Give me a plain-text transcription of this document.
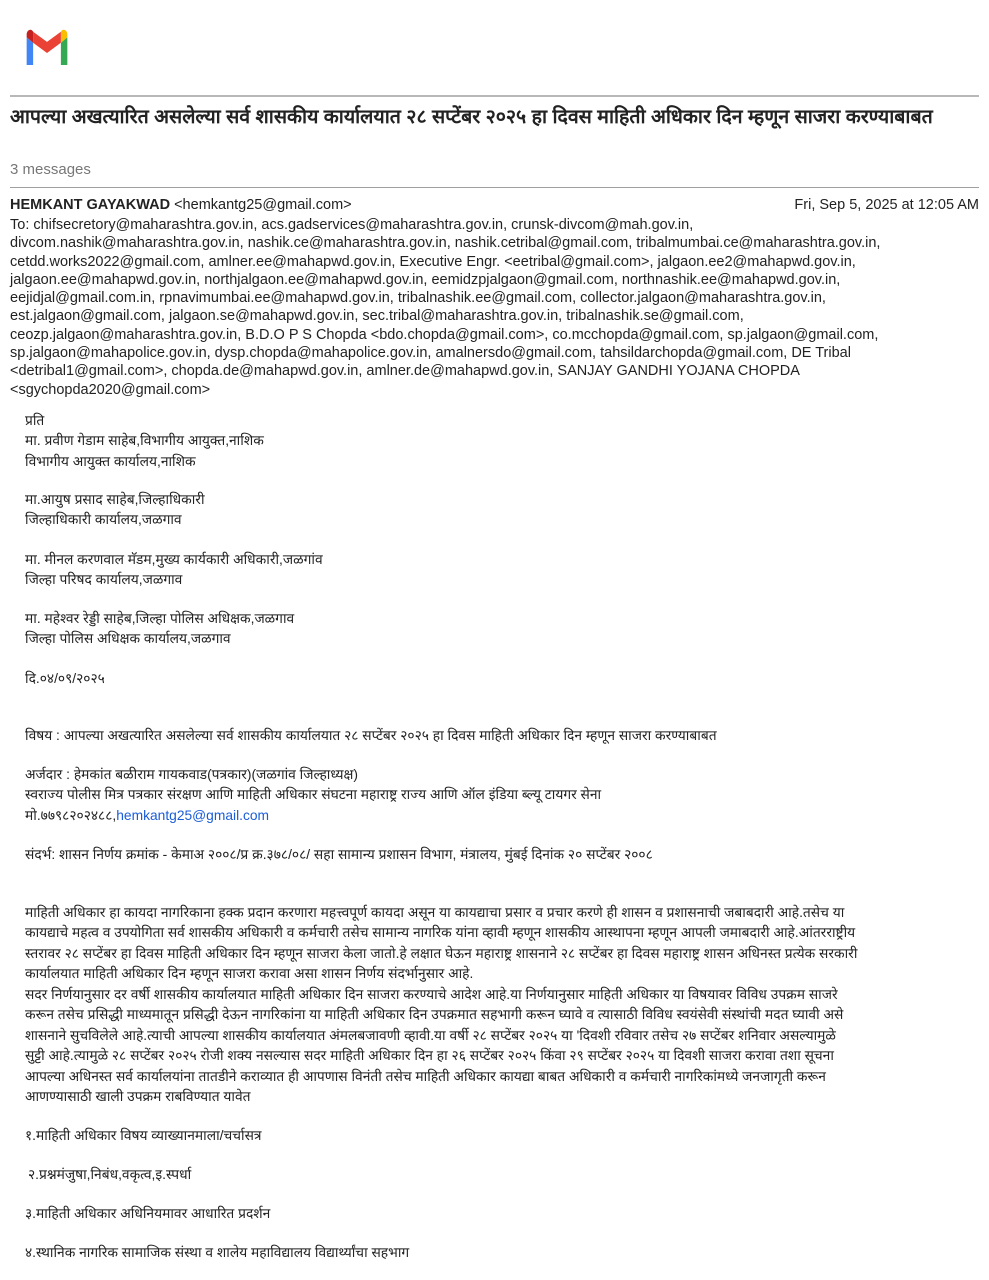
आपल्या अखत्यारित असलेल्या सर्व शासकीय कार्यालयात २८ सप्टेंबर २०२५ हा दिवस माहिती अधिकार दिन म्हणून साजरा करण्याबाबत
3 messages
HEMKANT GAYAKWAD <hemkantg25@gmail.com>	Fri, Sep 5, 2025 at 12:05 AM
To: chifsecretory@maharashtra.gov.in, acs.gadservices@maharashtra.gov.in, crunsk-divcom@mah.gov.in,
divcom.nashik@maharashtra.gov.in, nashik.ce@maharashtra.gov.in, nashik.cetribal@gmail.com, tribalmumbai.ce@maharashtra.gov.in,
cetdd.works2022@gmail.com, amlner.ee@mahapwd.gov.in, Executive Engr. <eetribal@gmail.com>, jalgaon.ee2@mahapwd.gov.in,
jalgaon.ee@mahapwd.gov.in, northjalgaon.ee@mahapwd.gov.in, eemidzpjalgaon@gmail.com, northnashik.ee@mahapwd.gov.in,
eejidjal@gmail.com.in, rpnavimumbai.ee@mahapwd.gov.in, tribalnashik.ee@gmail.com, collector.jalgaon@maharashtra.gov.in,
est.jalgaon@gmail.com, jalgaon.se@mahapwd.gov.in, sec.tribal@maharashtra.gov.in, tribalnashik.se@gmail.com,
ceozp.jalgaon@maharashtra.gov.in, B.D.O P S Chopda <bdo.chopda@gmail.com>, co.mcchopda@gmail.com, sp.jalgaon@gmail.com,
sp.jalgaon@mahapolice.gov.in, dysp.chopda@mahapolice.gov.in, amalnersdo@gmail.com, tahsildarchopda@gmail.com, DE Tribal
<detribal1@gmail.com>, chopda.de@mahapwd.gov.in, amlner.de@mahapwd.gov.in, SANJAY GANDHI YOJANA CHOPDA
<sgychopda2020@gmail.com>
प्रति
मा. प्रवीण गेडाम साहेब,विभागीय आयुक्त,नाशिक
विभागीय आयुक्त कार्यालय,नाशिक
मा.आयुष प्रसाद साहेब,जिल्हाधिकारी
जिल्हाधिकारी कार्यालय,जळगाव
मा. मीनल करणवाल मॅडम,मुख्य कार्यकारी अधिकारी,जळगांव
जिल्हा परिषद कार्यालय,जळगाव
मा. महेश्वर रेड्डी साहेब,जिल्हा पोलिस अधिक्षक,जळगाव
जिल्हा पोलिस अधिक्षक कार्यालय,जळगाव
दि.०४/०९/२०२५
विषय : आपल्या अखत्यारित असलेल्या सर्व शासकीय कार्यालयात २८ सप्टेंबर २०२५ हा दिवस माहिती अधिकार दिन म्हणून साजरा करण्याबाबत
अर्जदार : हेमकांत बळीराम गायकवाड(पत्रकार)(जळगांव जिल्हाध्यक्ष)
स्वराज्य पोलीस मित्र पत्रकार संरक्षण आणि माहिती अधिकार संघटना महाराष्ट्र राज्य आणि ऑल इंडिया ब्ल्यू टायगर सेना
मो.७७९८२०२४८८,hemkantg25@gmail.com
संदर्भ: शासन निर्णय क्रमांक - केमाअ २००८/प्र क्र.३७८/०८/ सहा सामान्य प्रशासन विभाग, मंत्रालय, मुंबई दिनांक २० सप्टेंबर २००८
माहिती अधिकार हा कायदा नागरिकाना हक्क प्रदान करणारा महत्त्वपूर्ण कायदा असून या कायद्याचा प्रसार व प्रचार करणे ही शासन व प्रशासनाची जबाबदारी आहे.तसेच या
कायद्याचे महत्व व उपयोगिता सर्व शासकीय अधिकारी व कर्मचारी तसेच सामान्य नागरिक यांना व्हावी म्हणून शासकीय आस्थापना म्हणून आपली जमाबदारी आहे.आंतरराष्ट्रीय
स्तरावर २८ सप्टेंबर हा दिवस माहिती अधिकार दिन म्हणून साजरा केला जातो.हे लक्षात घेऊन महाराष्ट्र शासनाने २८ सप्टेंबर हा दिवस महाराष्ट्र शासन अधिनस्त प्रत्येक सरकारी
कार्यालयात माहिती अधिकार दिन म्हणून साजरा करावा असा शासन निर्णय संदर्भानुसार आहे.
सदर निर्णयानुसार दर वर्षी शासकीय कार्यालयात माहिती अधिकार दिन साजरा करण्याचे आदेश आहे.या निर्णयानुसार माहिती अधिकार या विषयावर विविध उपक्रम साजरे
करून तसेच प्रसिद्धी माध्यमातून प्रसिद्धी देऊन नागरिकांना या माहिती अधिकार दिन उपक्रमात सहभागी करून घ्यावे व त्यासाठी विविध स्वयंसेवी संस्थांची मदत घ्यावी असे
शासनाने सुचविलेले आहे.त्याची आपल्या शासकीय कार्यालयात अंमलबजावणी व्हावी.या वर्षी २८ सप्टेंबर २०२५ या 'दिवशी रविवार तसेच २७ सप्टेंबर शनिवार असल्यामुळे
सुट्टी आहे.त्यामुळे २८ सप्टेंबर २०२५ रोजी शक्य नसल्यास सदर माहिती अधिकार दिन हा २६ सप्टेंबर २०२५ किंवा २९ सप्टेंबर २०२५ या दिवशी साजरा करावा तशा सूचना
आपल्या अधिनस्त सर्व कार्यालयांना तातडीने कराव्यात ही आपणास विनंती तसेच माहिती अधिकार कायद्या बाबत अधिकारी व कर्मचारी नागरिकांमध्ये जनजागृती करून
आणण्यासाठी खाली उपक्रम राबविण्यात यावेत
१.माहिती अधिकार विषय व्याख्यानमाला/चर्चासत्र
२.प्रश्नमंजुषा,निबंध,वकृत्व,इ.स्पर्धा
३.माहिती अधिकार अधिनियमावर आधारित प्रदर्शन
४.स्थानिक नागरिक सामाजिक संस्था व शालेय महाविद्यालय विद्यार्थ्यांचा सहभाग
